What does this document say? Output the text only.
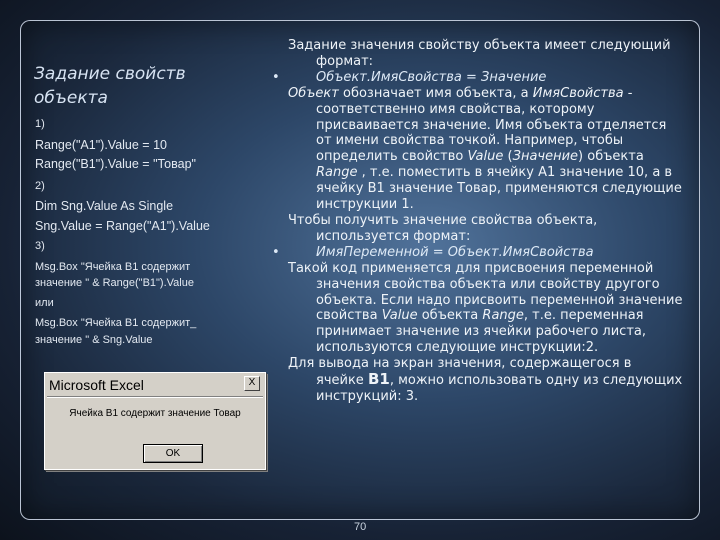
Задание свойств
объекта
1)
Range("A1").Value = 10
Range("B1").Value = "Товар"
2)
Dim Sng.Value As Single
Sng.Value = Range("A1").Value
3)
Msg.Box "Ячейка В1 содержит
значение " & Range("B1").Value
или
Msg.Box "Ячейка В1 содержит_
значение " & Sng.Value
Microsoft Excel	X
Ячейка В1 содержит значение Товар
OK

Задание значения свойству объекта имеет следующий формат:

•	Объект.ИмяСвойства = Значение

Объект обозначает имя объекта, а ИмяСвойства - соответственно имя свойства, которому присваивается значение. Имя объекта отделяется от имени свойства точкой. Например, чтобы определить свойство Value (Значение) объекта Range , т.е. поместить в ячейку А1 значение 10, а в ячейку В1 значение Товар, применяются следующие инструкции 1.

Чтобы получить значение свойства объекта, используется формат:

•	ИмяПеременной = Объект.ИмяСвойства

Такой код применяется для присвоения переменной значения свойства объекта или свойству другого объекта. Если надо присвоить переменной значение свойства Value объекта Range, т.е. переменная принимает значение из ячейки рабочего листа, используются следующие инструкции:2.

Для вывода на экран значения, содержащегося в ячейке В1, можно использовать одну из следующих инструкций: 3.

70
